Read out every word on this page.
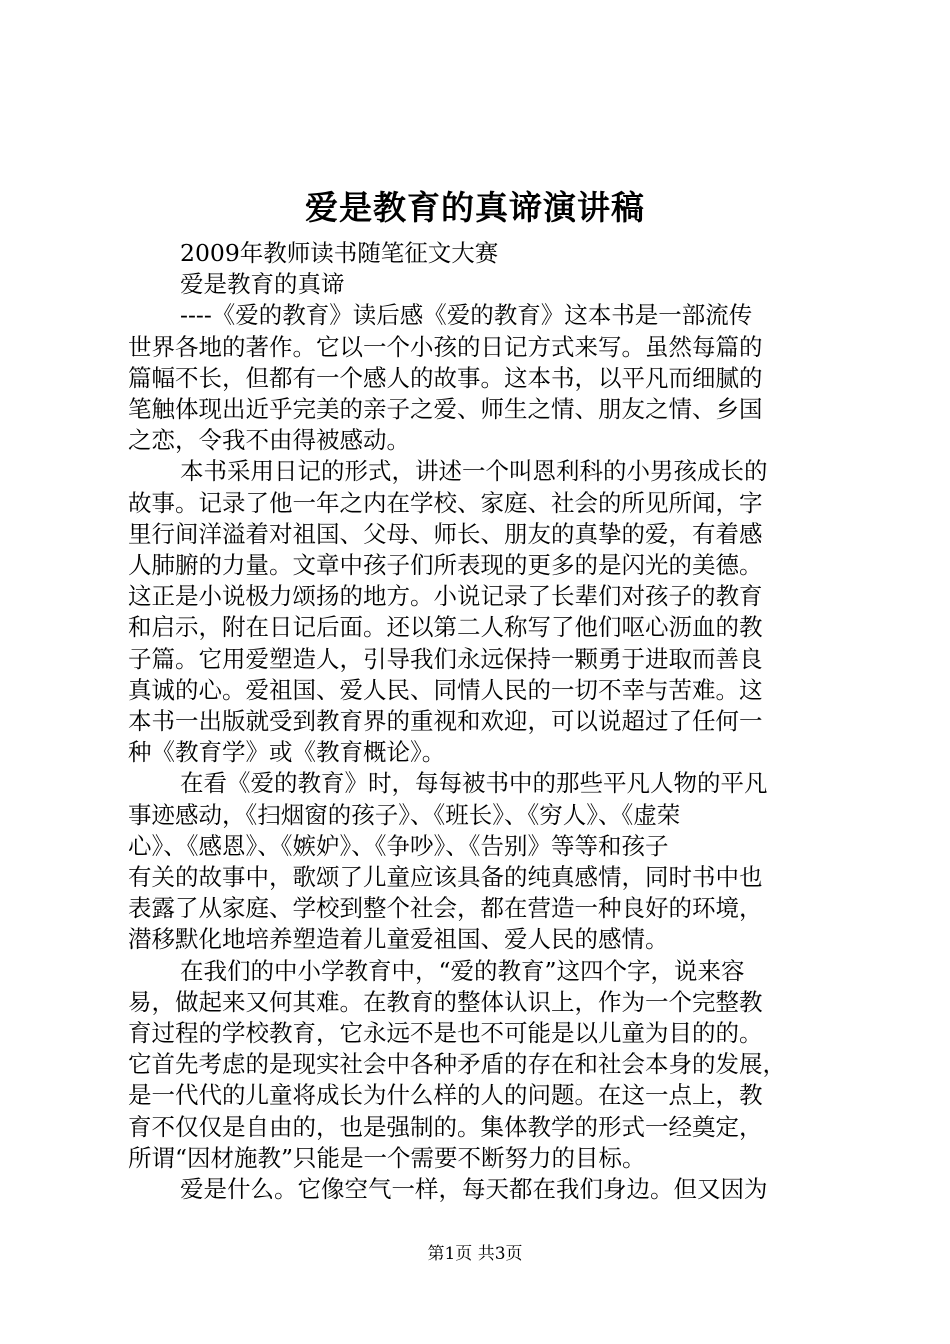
爱是教育的真谛演讲稿
2009年教师读书随笔征文大赛
爱是教育的真谛
----《爱的教育》读后感《爱的教育》这本书是一部流传
世界各地的著作。它以一个小孩的日记方式来写。虽然每篇的
篇幅不长，但都有一个感人的故事。这本书，以平凡而细腻的
笔触体现出近乎完美的亲子之爱、师生之情、朋友之情、乡国
之恋，令我不由得被感动。
本书采用日记的形式，讲述一个叫恩利科的小男孩成长的
故事。记录了他一年之内在学校、家庭、社会的所见所闻，字
里行间洋溢着对祖国、父母、师长、朋友的真挚的爱，有着感
人肺腑的力量。文章中孩子们所表现的更多的是闪光的美德。
这正是小说极力颂扬的地方。小说记录了长辈们对孩子的教育
和启示，附在日记后面。还以第二人称写了他们呕心沥血的教
子篇。它用爱塑造人，引导我们永远保持一颗勇于进取而善良
真诚的心。爱祖国、爱人民、同情人民的一切不幸与苦难。这
本书一出版就受到教育界的重视和欢迎，可以说超过了任何一
种《教育学》或《教育概论》。
在看《爱的教育》时，每每被书中的那些平凡人物的平凡
事迹感动，《扫烟窗的孩子》、《班长》、《穷人》、《虚荣
心》、《感恩》、《嫉妒》、《争吵》、《告别》等等和孩子
有关的故事中，歌颂了儿童应该具备的纯真感情，同时书中也
表露了从家庭、学校到整个社会，都在营造一种良好的环境，
潜移默化地培养塑造着儿童爱祖国、爱人民的感情。
在我们的中小学教育中，“爱的教育”这四个字，说来容
易，做起来又何其难。在教育的整体认识上，作为一个完整教
育过程的学校教育，它永远不是也不可能是以儿童为目的的。
它首先考虑的是现实社会中各种矛盾的存在和社会本身的发展，
是一代代的儿童将成长为什么样的人的问题。在这一点上，教
育不仅仅是自由的，也是强制的。集体教学的形式一经奠定，
所谓“因材施教”只能是一个需要不断努力的目标。
爱是什么。它像空气一样，每天都在我们身边。但又因为
第1页 共3页
